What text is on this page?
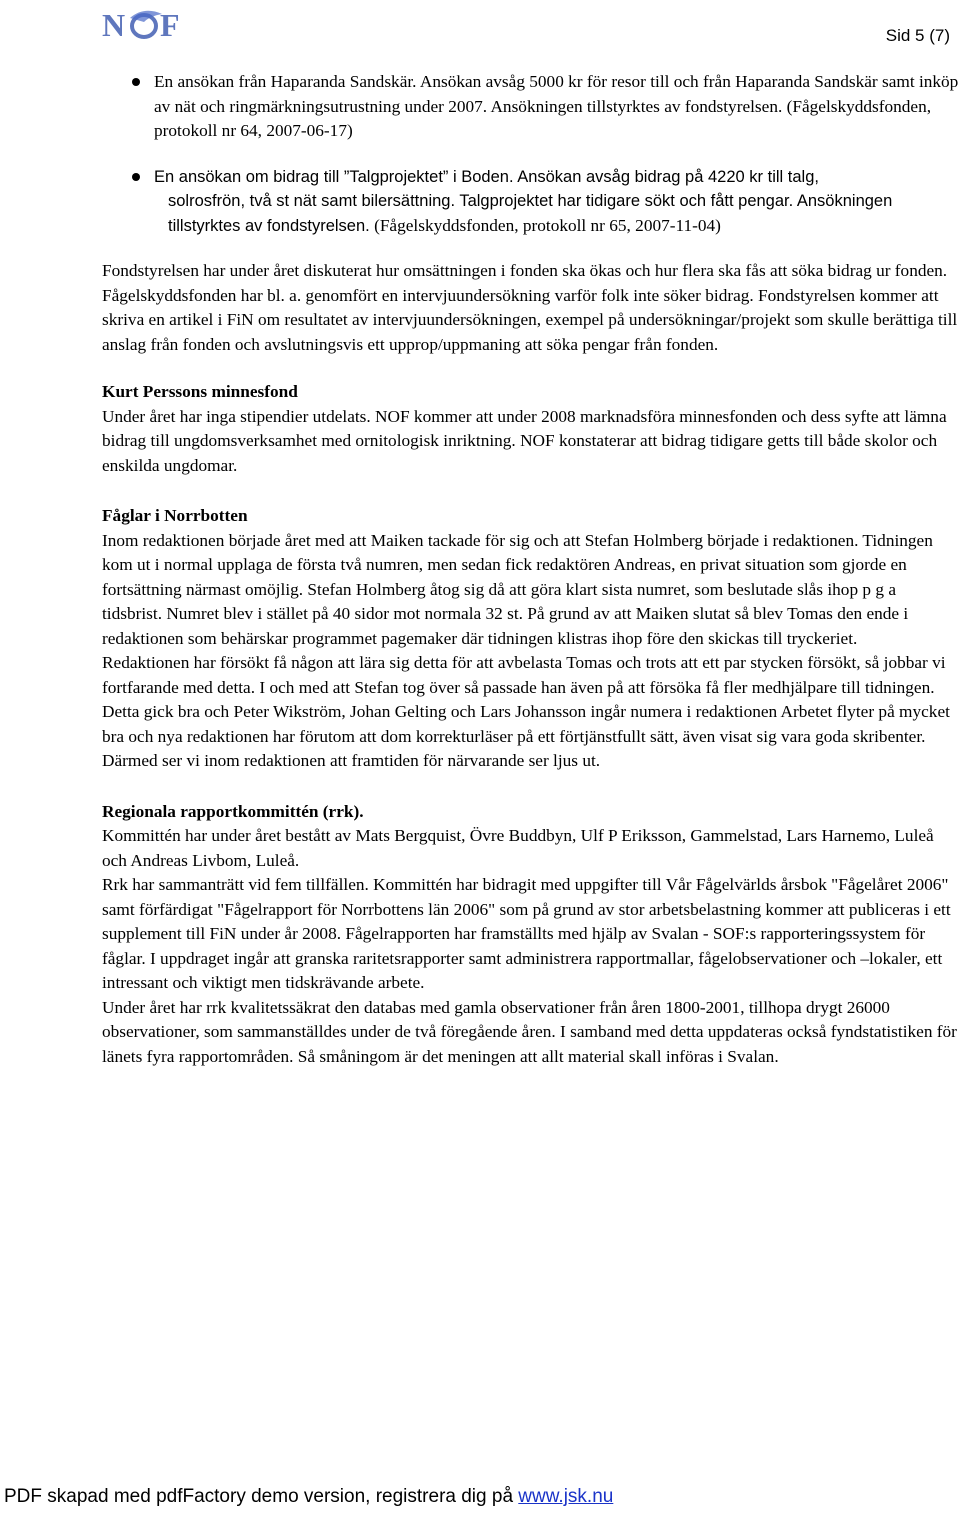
N F	Sid 5 (7)

En ansökan från Haparanda Sandskär. Ansökan avsåg 5000 kr för resor till och från Haparanda Sandskär samt inköp av nät och ringmärkningsutrustning under 2007. Ansökningen tillstyrktes av fondstyrelsen. (Fågelskyddsfonden, protokoll nr 64, 2007-06-17)

En ansökan om bidrag till ”Talgprojektet” i Boden. Ansökan avsåg bidrag på 4220 kr till talg,

solrosfrön, två st nät samt bilersättning. Talgprojektet har tidigare sökt och fått pengar. Ansökningen tillstyrktes av fondstyrelsen. (Fågelskyddsfonden, protokoll nr 65, 2007-11-04)

Fondstyrelsen har under året diskuterat hur omsättningen i fonden ska ökas och hur flera ska fås att söka bidrag ur fonden. Fågelskyddsfonden har bl. a. genomfört en intervjuundersökning varför folk inte söker bidrag. Fondstyrelsen kommer att skriva en artikel i FiN om resultatet av intervjuundersökningen, exempel på undersökningar/projekt som skulle berättiga till anslag från fonden och avslutningsvis ett upprop/uppmaning att söka pengar från fonden.

Kurt Perssons minnesfond

Under året har inga stipendier utdelats. NOF kommer att under 2008 marknadsföra minnesfonden och dess syfte att lämna bidrag till ungdomsverksamhet med ornitologisk inriktning. NOF konstaterar att bidrag tidigare getts till både skolor och enskilda ungdomar.

Fåglar i Norrbotten

Inom redaktionen började året med att Maiken tackade för sig och att Stefan Holmberg började i redaktionen. Tidningen kom ut i normal upplaga de första två numren, men sedan fick redaktören Andreas, en privat situation som gjorde en fortsättning närmast omöjlig. Stefan Holmberg åtog sig då att göra klart sista numret, som beslutade slås ihop p g a tidsbrist. Numret blev i stället på 40 sidor mot normala 32 st. På grund av att Maiken slutat så blev Tomas den ende i redaktionen som behärskar programmet pagemaker där tidningen klistras ihop före den skickas till tryckeriet.

Redaktionen har försökt få någon att lära sig detta för att avbelasta Tomas och trots att ett par stycken försökt, så jobbar vi fortfarande med detta. I och med att Stefan tog över så passade han även på att försöka få fler medhjälpare till tidningen. Detta gick bra och Peter Wikström, Johan Gelting och Lars Johansson ingår numera i redaktionen Arbetet flyter på mycket bra och nya redaktionen har förutom att dom korrekturläser på ett förtjänstfullt sätt, även visat sig vara goda skribenter. Därmed ser vi inom redaktionen att framtiden för närvarande ser ljus ut.

Regionala rapportkommittén (rrk).

Kommittén har under året bestått av Mats Bergquist, Övre Buddbyn, Ulf P Eriksson, Gammelstad, Lars Harnemo, Luleå och Andreas Livbom, Luleå.

Rrk har sammanträtt vid fem tillfällen. Kommittén har bidragit med uppgifter till Vår Fågelvärlds årsbok "Fågelåret 2006" samt förfärdigat "Fågelrapport för Norrbottens län 2006" som på grund av stor arbetsbelastning kommer att publiceras i ett supplement till FiN under år 2008. Fågelrapporten har framställts med hjälp av Svalan - SOF:s rapporteringssystem för fåglar. I uppdraget ingår att granska raritetsrapporter samt administrera rapportmallar, fågelobservationer och –lokaler, ett intressant och viktigt men tidskrävande arbete.

Under året har rrk kvalitetssäkrat den databas med gamla observationer från åren 1800-2001, tillhopa drygt 26000 observationer, som sammanställdes under de två föregående åren. I samband med detta uppdateras också fyndstatistiken för länets fyra rapportområden. Så småningom är det meningen att allt material skall införas i Svalan.

PDF skapad med pdfFactory demo version, registrera dig på www.jsk.nu
